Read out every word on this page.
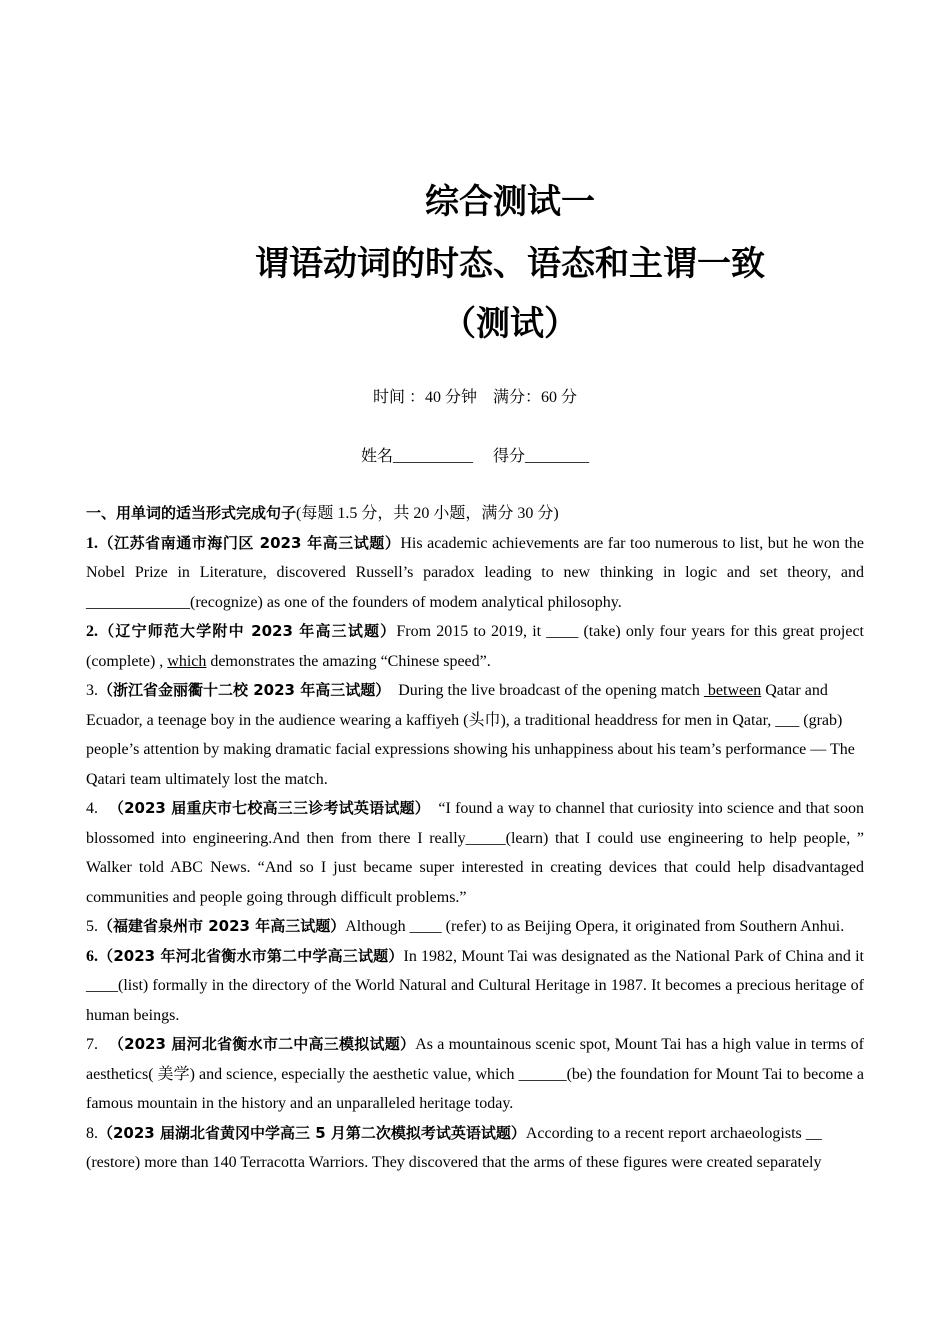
综合测试一
谓语动词的时态、语态和主谓一致
（测试）
时间 ：40 分钟　满分：60 分
姓名__________　 得分________

一、用单词的适当形式完成句子(每题 1.5 分，共 20 小题，满分 30 分)

1.（江苏省南通市海门区 2023 年高三试题）His academic achievements are far too numerous to list, but he won the Nobel Prize in Literature, discovered Russell’s paradox leading to new thinking in logic and set theory, and _____________(recognize) as one of the founders of modem analytical philosophy.

2.（辽宁师范大学附中 2023 年高三试题）From 2015 to 2019, it ____ (take) only four years for this great project (complete) , which demonstrates the amazing “Chinese speed”.

3.（浙江省金丽衢十二校 2023 年高三试题）  During the live broadcast of the opening match  between Qatar and Ecuador, a teenage boy in the audience wearing a kaffiyeh (头巾), a traditional headdress for men in Qatar, ___ (grab) people’s attention by making dramatic facial expressions showing his unhappiness about his team’s performance — The Qatari team ultimately lost the match.

4.  （2023 届重庆市七校高三三诊考试英语试题）  “I found a way to channel that curiosity into science and that soon blossomed into engineering.And then from there I really_____(learn) that I could use engineering to help people, ” Walker told ABC News. “And so I just became super interested in creating devices that could help disadvantaged communities and people going through difficult problems.”

5.（福建省泉州市 2023 年高三试题）Although ____ (refer) to as Beijing Opera, it originated from Southern Anhui.

6.（2023 年河北省衡水市第二中学高三试题）In 1982, Mount Tai was designated as the National Park of China and it ____(list) formally in the directory of the World Natural and Cultural Heritage in 1987. It becomes a precious heritage of human beings.

7.  （2023 届河北省衡水市二中高三模拟试题）As a mountainous scenic spot, Mount Tai has a high value in terms of aesthetics( 美学) and science, especially the aesthetic value, which ______(be) the foundation for Mount Tai to become a famous mountain in the history and an unparalleled heritage today.

8.（2023 届湖北省黄冈中学高三 5 月第二次模拟考试英语试题）According to a recent report archaeologists __ (restore) more than 140 Terracotta Warriors. They discovered that the arms of these figures were created separately
